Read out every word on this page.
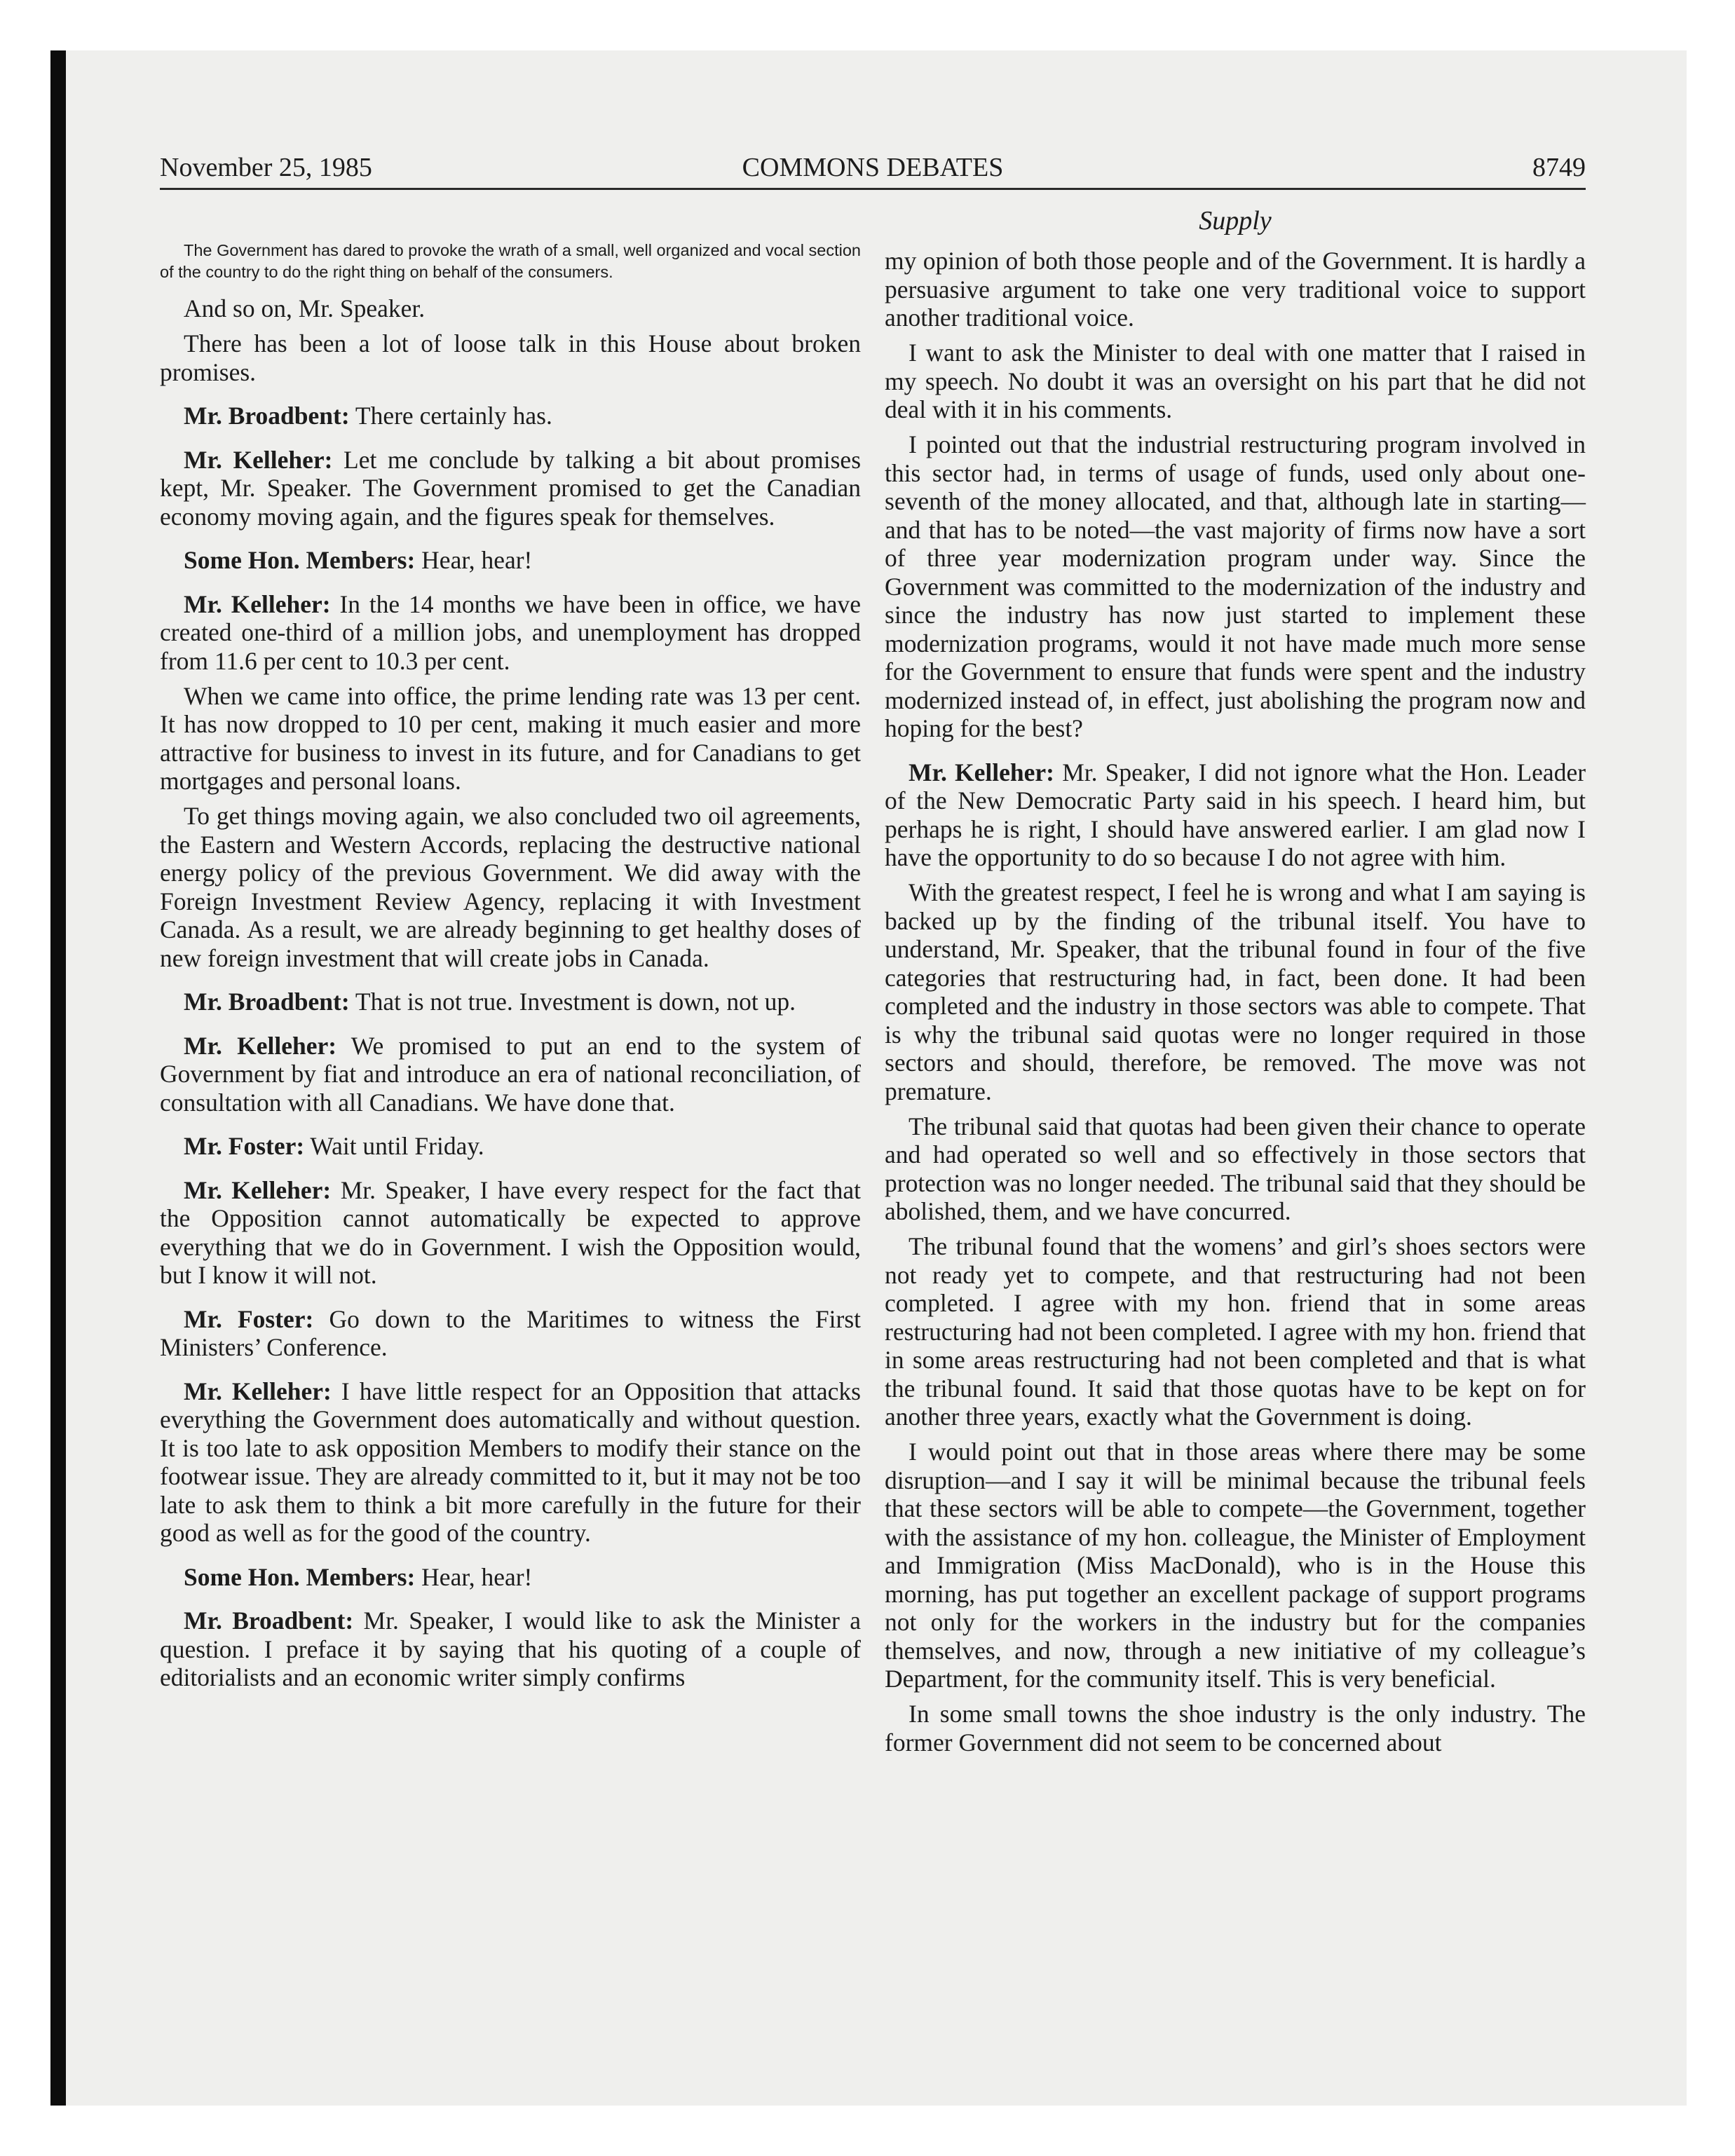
November 25, 1985	COMMONS DEBATES	8749
Supply

The Government has dared to provoke the wrath of a small, well organized and vocal section of the country to do the right thing on behalf of the consumers.

And so on, Mr. Speaker.

There has been a lot of loose talk in this House about broken promises.

Mr. Broadbent: There certainly has.

Mr. Kelleher: Let me conclude by talking a bit about promises kept, Mr. Speaker. The Government promised to get the Canadian economy moving again, and the figures speak for themselves.

Some Hon. Members: Hear, hear!

Mr. Kelleher: In the 14 months we have been in office, we have created one-third of a million jobs, and unemployment has dropped from 11.6 per cent to 10.3 per cent.

When we came into office, the prime lending rate was 13 per cent. It has now dropped to 10 per cent, making it much easier and more attractive for business to invest in its future, and for Canadians to get mortgages and personal loans.

To get things moving again, we also concluded two oil agreements, the Eastern and Western Accords, replacing the destructive national energy policy of the previous Government. We did away with the Foreign Investment Review Agency, replacing it with Investment Canada. As a result, we are already beginning to get healthy doses of new foreign investment that will create jobs in Canada.

Mr. Broadbent: That is not true. Investment is down, not up.

Mr. Kelleher: We promised to put an end to the system of Government by fiat and introduce an era of national reconciliation, of consultation with all Canadians. We have done that.

Mr. Foster: Wait until Friday.

Mr. Kelleher: Mr. Speaker, I have every respect for the fact that the Opposition cannot automatically be expected to approve everything that we do in Government. I wish the Opposition would, but I know it will not.

Mr. Foster: Go down to the Maritimes to witness the First Ministers’ Conference.

Mr. Kelleher: I have little respect for an Opposition that attacks everything the Government does automatically and without question. It is too late to ask opposition Members to modify their stance on the footwear issue. They are already committed to it, but it may not be too late to ask them to think a bit more carefully in the future for their good as well as for the good of the country.

Some Hon. Members: Hear, hear!

Mr. Broadbent: Mr. Speaker, I would like to ask the Minister a question. I preface it by saying that his quoting of a couple of editorialists and an economic writer simply confirms

my opinion of both those people and of the Government. It is hardly a persuasive argument to take one very traditional voice to support another traditional voice.

I want to ask the Minister to deal with one matter that I raised in my speech. No doubt it was an oversight on his part that he did not deal with it in his comments.

I pointed out that the industrial restructuring program involved in this sector had, in terms of usage of funds, used only about one-seventh of the money allocated, and that, although late in starting—and that has to be noted—the vast majority of firms now have a sort of three year modernization program under way. Since the Government was committed to the modernization of the industry and since the industry has now just started to implement these modernization programs, would it not have made much more sense for the Government to ensure that funds were spent and the industry modernized instead of, in effect, just abolishing the program now and hoping for the best?

Mr. Kelleher: Mr. Speaker, I did not ignore what the Hon. Leader of the New Democratic Party said in his speech. I heard him, but perhaps he is right, I should have answered earlier. I am glad now I have the opportunity to do so because I do not agree with him.

With the greatest respect, I feel he is wrong and what I am saying is backed up by the finding of the tribunal itself. You have to understand, Mr. Speaker, that the tribunal found in four of the five categories that restructuring had, in fact, been done. It had been completed and the industry in those sectors was able to compete. That is why the tribunal said quotas were no longer required in those sectors and should, therefore, be removed. The move was not premature.

The tribunal said that quotas had been given their chance to operate and had operated so well and so effectively in those sectors that protection was no longer needed. The tribunal said that they should be abolished, them, and we have concurred.

The tribunal found that the womens’ and girl’s shoes sectors were not ready yet to compete, and that restructuring had not been completed. I agree with my hon. friend that in some areas restructuring had not been completed. I agree with my hon. friend that in some areas restructuring had not been completed and that is what the tribunal found. It said that those quotas have to be kept on for another three years, exactly what the Government is doing.

I would point out that in those areas where there may be some disruption—and I say it will be minimal because the tribunal feels that these sectors will be able to compete—the Government, together with the assistance of my hon. colleague, the Minister of Employment and Immigration (Miss MacDonald), who is in the House this morning, has put together an excellent package of support programs not only for the workers in the industry but for the companies themselves, and now, through a new initiative of my colleague’s Department, for the community itself. This is very beneficial.

In some small towns the shoe industry is the only industry. The former Government did not seem to be concerned about
